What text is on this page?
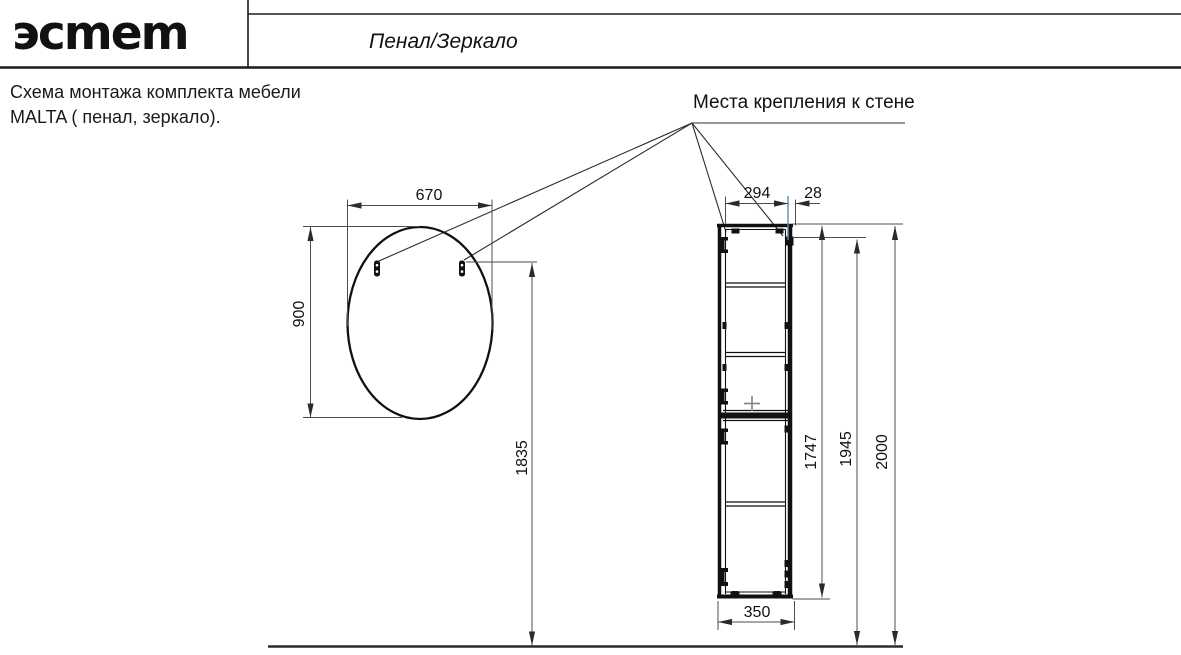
670
900
1835
294 28
1747 1945 2000
350
эсmem	Пенал/Зеркало
Схема монтажа комплекта мебели
MALTA ( пенал, зеркало).
Места крепления к стене
